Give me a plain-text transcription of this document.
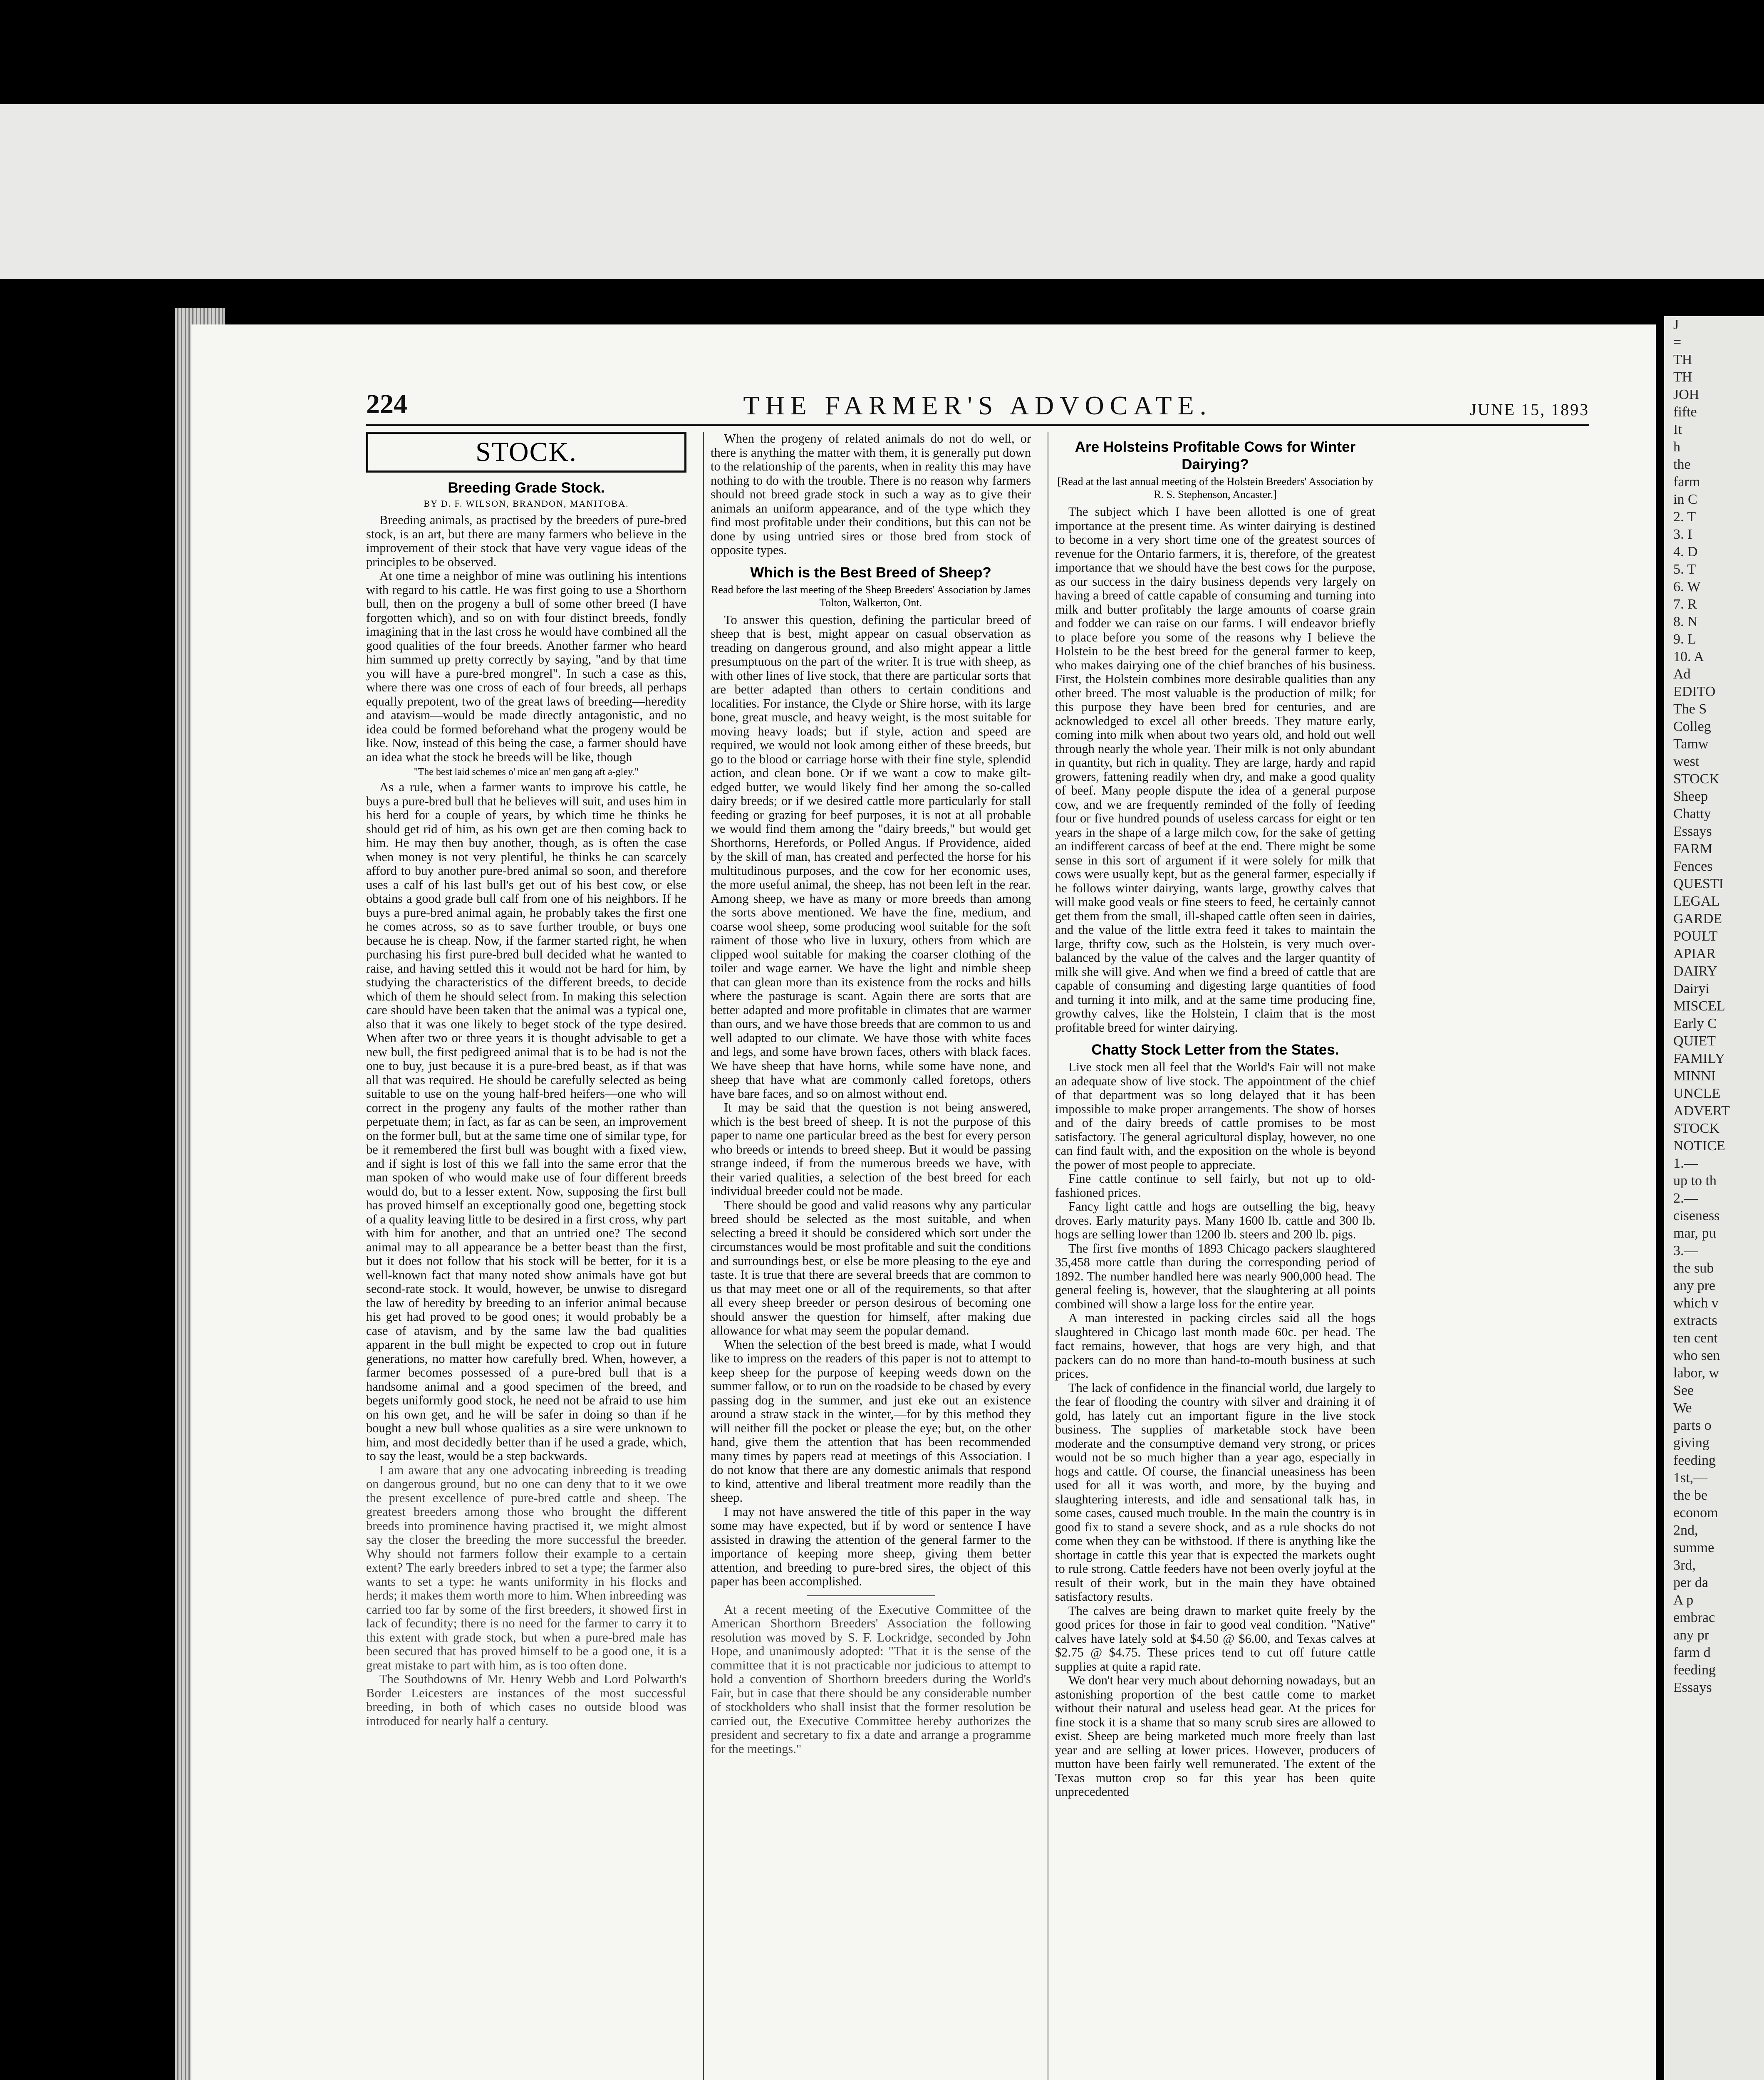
224	THE FARMER'S ADVOCATE.	JUNE 15, 1893
STOCK.
Breeding Grade Stock.
BY D. F. WILSON, BRANDON, MANITOBA.

Breeding animals, as practised by the breeders of pure-bred stock, is an art, but there are many farmers who believe in the improvement of their stock that have very vague ideas of the principles to be observed.

At one time a neighbor of mine was outlining his intentions with regard to his cattle. He was first going to use a Shorthorn bull, then on the progeny a bull of some other breed (I have forgotten which), and so on with four distinct breeds, fondly imagining that in the last cross he would have combined all the good qualities of the four breeds. Another farmer who heard him summed up pretty correctly by saying, "and by that time you will have a pure-bred mongrel". In such a case as this, where there was one cross of each of four breeds, all perhaps equally prepotent, two of the great laws of breeding—heredity and atavism—would be made directly antagonistic, and no idea could be formed beforehand what the progeny would be like. Now, instead of this being the case, a farmer should have an idea what the stock he breeds will be like, though

"The best laid schemes o' mice an' men gang aft a-gley."

As a rule, when a farmer wants to improve his cattle, he buys a pure-bred bull that he believes will suit, and uses him in his herd for a couple of years, by which time he thinks he should get rid of him, as his own get are then coming back to him. He may then buy another, though, as is often the case when money is not very plentiful, he thinks he can scarcely afford to buy another pure-bred animal so soon, and therefore uses a calf of his last bull's get out of his best cow, or else obtains a good grade bull calf from one of his neighbors. If he buys a pure-bred animal again, he probably takes the first one he comes across, so as to save further trouble, or buys one because he is cheap. Now, if the farmer started right, he when purchasing his first pure-bred bull decided what he wanted to raise, and having settled this it would not be hard for him, by studying the characteristics of the different breeds, to decide which of them he should select from. In making this selection care should have been taken that the animal was a typical one, also that it was one likely to beget stock of the type desired. When after two or three years it is thought advisable to get a new bull, the first pedigreed animal that is to be had is not the one to buy, just because it is a pure-bred beast, as if that was all that was required. He should be carefully selected as being suitable to use on the young half-bred heifers—one who will correct in the progeny any faults of the mother rather than perpetuate them; in fact, as far as can be seen, an improvement on the former bull, but at the same time one of similar type, for be it remembered the first bull was bought with a fixed view, and if sight is lost of this we fall into the same error that the man spoken of who would make use of four different breeds would do, but to a lesser extent. Now, supposing the first bull has proved himself an exceptionally good one, begetting stock of a quality leaving little to be desired in a first cross, why part with him for another, and that an untried one? The second animal may to all appearance be a better beast than the first, but it does not follow that his stock will be better, for it is a well-known fact that many noted show animals have got but second-rate stock. It would, however, be unwise to disregard the law of heredity by breeding to an inferior animal because his get had proved to be good ones; it would probably be a case of atavism, and by the same law the bad qualities apparent in the bull might be expected to crop out in future generations, no matter how carefully bred. When, however, a farmer becomes possessed of a pure-bred bull that is a handsome animal and a good specimen of the breed, and begets uniformly good stock, he need not be afraid to use him on his own get, and he will be safer in doing so than if he bought a new bull whose qualities as a sire were unknown to him, and most decidedly better than if he used a grade, which, to say the least, would be a step backwards.

I am aware that any one advocating inbreeding is treading on dangerous ground, but no one can deny that to it we owe the present excellence of pure-bred cattle and sheep. The greatest breeders among those who brought the different breeds into prominence having practised it, we might almost say the closer the breeding the more successful the breeder. Why should not farmers follow their example to a certain extent? The early breeders inbred to set a type; the farmer also wants to set a type: he wants uniformity in his flocks and herds; it makes them worth more to him. When inbreeding was carried too far by some of the first breeders, it showed first in lack of fecundity; there is no need for the farmer to carry it to this extent with grade stock, but when a pure-bred male has been secured that has proved himself to be a good one, it is a great mistake to part with him, as is too often done.

The Southdowns of Mr. Henry Webb and Lord Polwarth's Border Leicesters are instances of the most successful breeding, in both of which cases no outside blood was introduced for nearly half a century.

When the progeny of related animals do not do well, or there is anything the matter with them, it is generally put down to the relationship of the parents, when in reality this may have nothing to do with the trouble. There is no reason why farmers should not breed grade stock in such a way as to give their animals an uniform appearance, and of the type which they find most profitable under their conditions, but this can not be done by using untried sires or those bred from stock of opposite types.

Which is the Best Breed of Sheep?
Read before the last meeting of the Sheep Breeders' Association by James Tolton, Walkerton, Ont.

To answer this question, defining the particular breed of sheep that is best, might appear on casual observation as treading on dangerous ground, and also might appear a little presumptuous on the part of the writer. It is true with sheep, as with other lines of live stock, that there are particular sorts that are better adapted than others to certain conditions and localities. For instance, the Clyde or Shire horse, with its large bone, great muscle, and heavy weight, is the most suitable for moving heavy loads; but if style, action and speed are required, we would not look among either of these breeds, but go to the blood or carriage horse with their fine style, splendid action, and clean bone. Or if we want a cow to make gilt-edged butter, we would likely find her among the so-called dairy breeds; or if we desired cattle more particularly for stall feeding or grazing for beef purposes, it is not at all probable we would find them among the "dairy breeds," but would get Shorthorns, Herefords, or Polled Angus. If Providence, aided by the skill of man, has created and perfected the horse for his multitudinous purposes, and the cow for her economic uses, the more useful animal, the sheep, has not been left in the rear. Among sheep, we have as many or more breeds than among the sorts above mentioned. We have the fine, medium, and coarse wool sheep, some producing wool suitable for the soft raiment of those who live in luxury, others from which are clipped wool suitable for making the coarser clothing of the toiler and wage earner. We have the light and nimble sheep that can glean more than its existence from the rocks and hills where the pasturage is scant. Again there are sorts that are better adapted and more profitable in climates that are warmer than ours, and we have those breeds that are common to us and well adapted to our climate. We have those with white faces and legs, and some have brown faces, others with black faces. We have sheep that have horns, while some have none, and sheep that have what are commonly called foretops, others have bare faces, and so on almost without end.

It may be said that the question is not being answered, which is the best breed of sheep. It is not the purpose of this paper to name one particular breed as the best for every person who breeds or intends to breed sheep. But it would be passing strange indeed, if from the numerous breeds we have, with their varied qualities, a selection of the best breed for each individual breeder could not be made.

There should be good and valid reasons why any particular breed should be selected as the most suitable, and when selecting a breed it should be considered which sort under the circumstances would be most profitable and suit the conditions and surroundings best, or else be more pleasing to the eye and taste. It is true that there are several breeds that are common to us that may meet one or all of the requirements, so that after all every sheep breeder or person desirous of becoming one should answer the question for himself, after making due allowance for what may seem the popular demand.

When the selection of the best breed is made, what I would like to impress on the readers of this paper is not to attempt to keep sheep for the purpose of keeping weeds down on the summer fallow, or to run on the roadside to be chased by every passing dog in the summer, and just eke out an existence around a straw stack in the winter,—for by this method they will neither fill the pocket or please the eye; but, on the other hand, give them the attention that has been recommended many times by papers read at meetings of this Association. I do not know that there are any domestic animals that respond to kind, attentive and liberal treatment more readily than the sheep.

I may not have answered the title of this paper in the way some may have expected, but if by word or sentence I have assisted in drawing the attention of the general farmer to the importance of keeping more sheep, giving them better attention, and breeding to pure-bred sires, the object of this paper has been accomplished.

At a recent meeting of the Executive Committee of the American Shorthorn Breeders' Association the following resolution was moved by S. F. Lockridge, seconded by John Hope, and unanimously adopted: "That it is the sense of the committee that it is not practicable nor judicious to attempt to hold a convention of Shorthorn breeders during the World's Fair, but in case that there should be any considerable number of stockholders who shall insist that the former resolution be carried out, the Executive Committee hereby authorizes the president and secretary to fix a date and arrange a programme for the meetings."

Are Holsteins Profitable Cows for Winter Dairying?
[Read at the last annual meeting of the Holstein Breeders' Association by R. S. Stephenson, Ancaster.]

The subject which I have been allotted is one of great importance at the present time. As winter dairying is destined to become in a very short time one of the greatest sources of revenue for the Ontario farmers, it is, therefore, of the greatest importance that we should have the best cows for the purpose, as our success in the dairy business depends very largely on having a breed of cattle capable of consuming and turning into milk and butter profitably the large amounts of coarse grain and fodder we can raise on our farms. I will endeavor briefly to place before you some of the reasons why I believe the Holstein to be the best breed for the general farmer to keep, who makes dairying one of the chief branches of his business. First, the Holstein combines more desirable qualities than any other breed. The most valuable is the production of milk; for this purpose they have been bred for centuries, and are acknowledged to excel all other breeds. They mature early, coming into milk when about two years old, and hold out well through nearly the whole year. Their milk is not only abundant in quantity, but rich in quality. They are large, hardy and rapid growers, fattening readily when dry, and make a good quality of beef. Many people dispute the idea of a general purpose cow, and we are frequently reminded of the folly of feeding four or five hundred pounds of useless carcass for eight or ten years in the shape of a large milch cow, for the sake of getting an indifferent carcass of beef at the end. There might be some sense in this sort of argument if it were solely for milk that cows were usually kept, but as the general farmer, especially if he follows winter dairying, wants large, growthy calves that will make good veals or fine steers to feed, he certainly cannot get them from the small, ill-shaped cattle often seen in dairies, and the value of the little extra feed it takes to maintain the large, thrifty cow, such as the Holstein, is very much over-balanced by the value of the calves and the larger quantity of milk she will give. And when we find a breed of cattle that are capable of consuming and digesting large quantities of food and turning it into milk, and at the same time producing fine, growthy calves, like the Holstein, I claim that is the most profitable breed for winter dairying.

Chatty Stock Letter from the States.

Live stock men all feel that the World's Fair will not make an adequate show of live stock. The appointment of the chief of that department was so long delayed that it has been impossible to make proper arrangements. The show of horses and of the dairy breeds of cattle promises to be most satisfactory. The general agricultural display, however, no one can find fault with, and the exposition on the whole is beyond the power of most people to appreciate.

Fine cattle continue to sell fairly, but not up to old-fashioned prices.

Fancy light cattle and hogs are outselling the big, heavy droves. Early maturity pays. Many 1600 lb. cattle and 300 lb. hogs are selling lower than 1200 lb. steers and 200 lb. pigs.

The first five months of 1893 Chicago packers slaughtered 35,458 more cattle than during the corresponding period of 1892. The number handled here was nearly 900,000 head. The general feeling is, however, that the slaughtering at all points combined will show a large loss for the entire year.

A man interested in packing circles said all the hogs slaughtered in Chicago last month made 60c. per head. The fact remains, however, that hogs are very high, and that packers can do no more than hand-to-mouth business at such prices.

The lack of confidence in the financial world, due largely to the fear of flooding the country with silver and draining it of gold, has lately cut an important figure in the live stock business. The supplies of marketable stock have been moderate and the consumptive demand very strong, or prices would not be so much higher than a year ago, especially in hogs and cattle. Of course, the financial uneasiness has been used for all it was worth, and more, by the buying and slaughtering interests, and idle and sensational talk has, in some cases, caused much trouble. In the main the country is in good fix to stand a severe shock, and as a rule shocks do not come when they can be withstood. If there is anything like the shortage in cattle this year that is expected the markets ought to rule strong. Cattle feeders have not been overly joyful at the result of their work, but in the main they have obtained satisfactory results.

The calves are being drawn to market quite freely by the good prices for those in fair to good veal condition. "Native" calves have lately sold at $4.50 @ $6.00, and Texas calves at $2.75 @ $4.75. These prices tend to cut off future cattle supplies at quite a rapid rate.

We don't hear very much about dehorning nowadays, but an astonishing proportion of the best cattle come to market without their natural and useless head gear. At the prices for fine stock it is a shame that so many scrub sires are allowed to exist. Sheep are being marketed much more freely than last year and are selling at lower prices. However, producers of mutton have been fairly well remunerated. The extent of the Texas mutton crop so far this year has been quite unprecedented

J
=
TH
TH
JOH
fifte
It
h
the
farm
in C
2. T
3. I
4. D
5. T
6. W
7. R
8. N
9. L
10. A
Ad
EDITO
The S
Colleg
Tamw
west
STOCK
Sheep
Chatty
Essays
FARM
Fences
QUESTI
LEGAL
GARDE
POULT
APIAR
DAIRY
Dairyi
MISCEL
Early C
QUIET
FAMILY
MINNI
UNCLE
ADVERT
STOCK
NOTICE
1.—
up to th
2.—
ciseness
mar, pu
3.—
the sub
any pre
which v
extracts
ten cent
who sen
labor, w
See
We
parts o
giving
feeding
1st,—
the be
econom
2nd,
summe
3rd,
per da
A p
embrac
any pr
farm d
feeding
Essays
